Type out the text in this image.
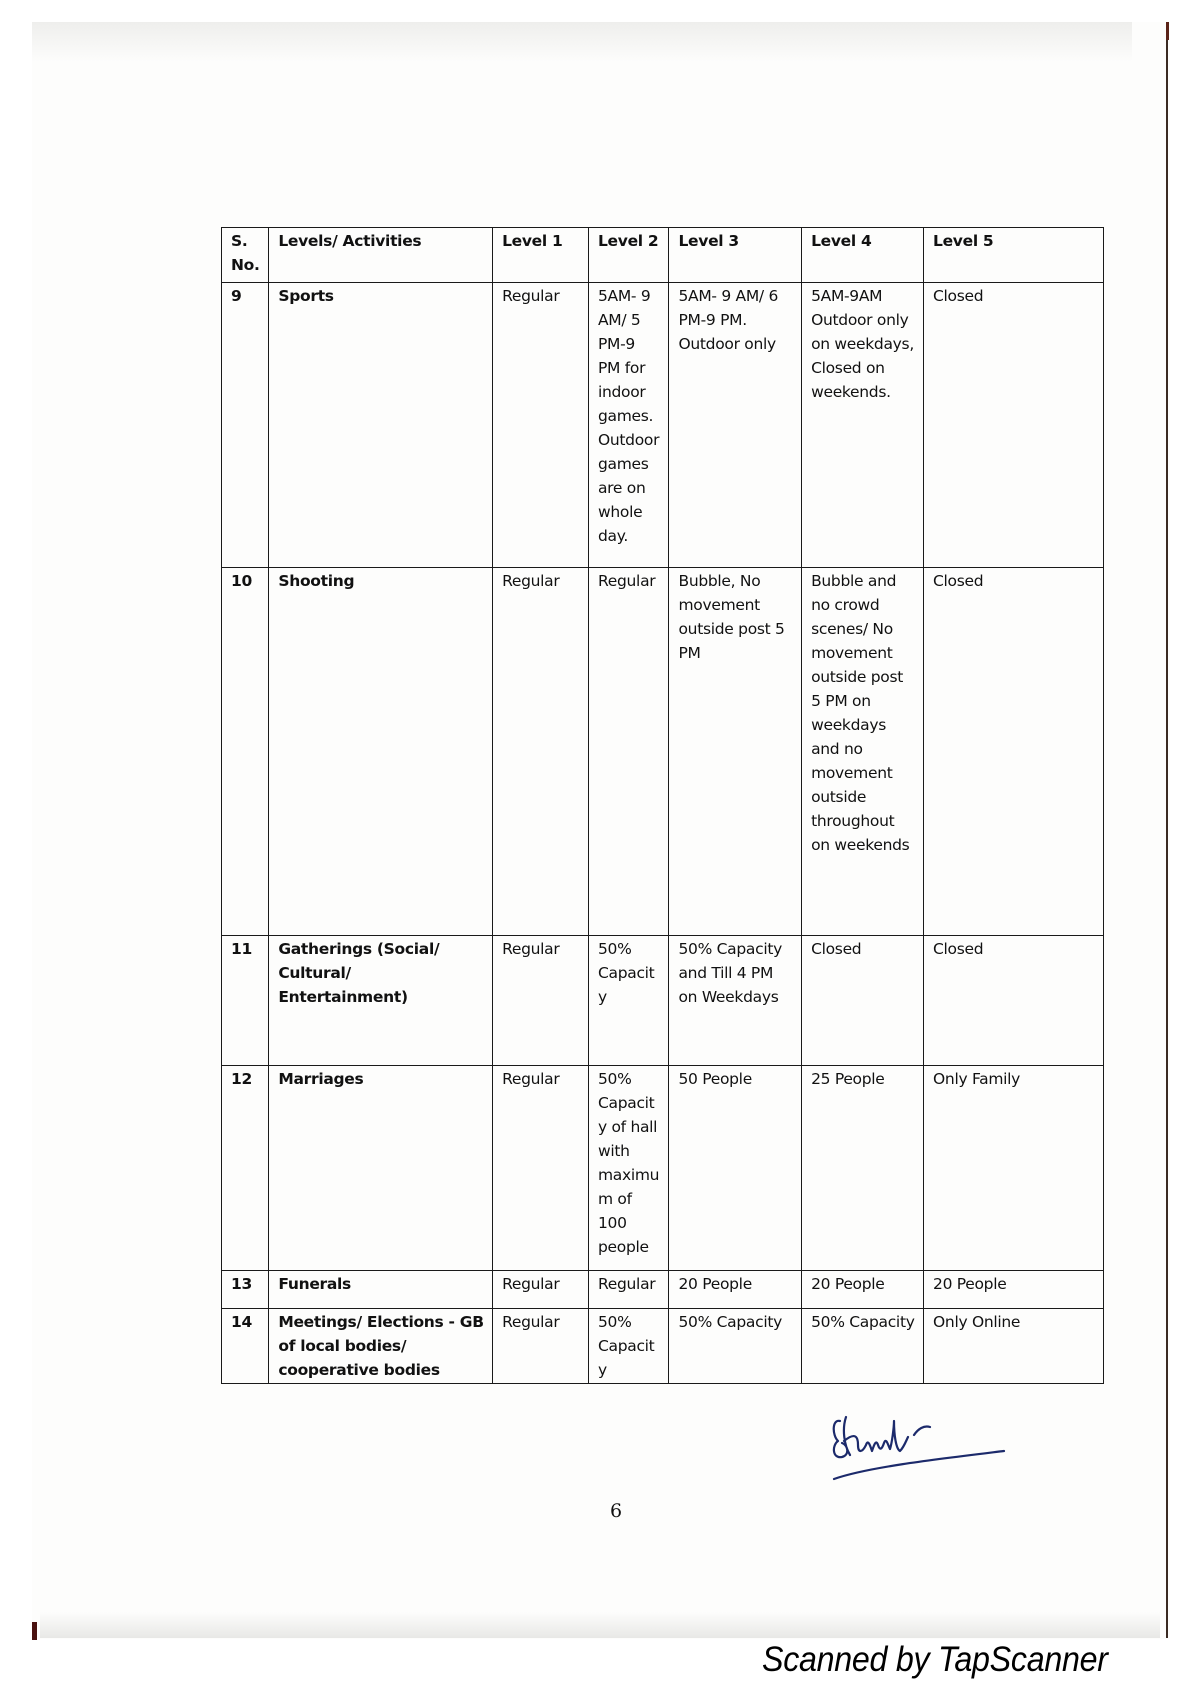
S. No.	Levels/ Activities	Level 1	Level 2	Level 3	Level 4	Level 5
9	Sports	Regular	5AM- 9 AM/ 5 PM-9 PM for indoor games. Outdoor games are on whole day.	5AM- 9 AM/ 6 PM-9 PM. Outdoor only	5AM-9AM Outdoor only on weekdays, Closed on weekends.	Closed
10	Shooting	Regular	Regular	Bubble, No movement outside post 5 PM	Bubble and no crowd scenes/ No movement outside post 5 PM on weekdays and no movement outside throughout on weekends	Closed
11	Gatherings (Social/ Cultural/ Entertainment)	Regular	50% Capacity	50% Capacity and Till 4 PM on Weekdays	Closed	Closed
12	Marriages	Regular	50% Capacity of hall with maximum of 100 people	50 People	25 People	Only Family
13	Funerals	Regular	Regular	20 People	20 People	20 People
14	Meetings/ Elections - GB of local bodies/ cooperative bodies	Regular	50% Capacity	50% Capacity	50% Capacity	Only Online
6
Scanned by TapScanner
